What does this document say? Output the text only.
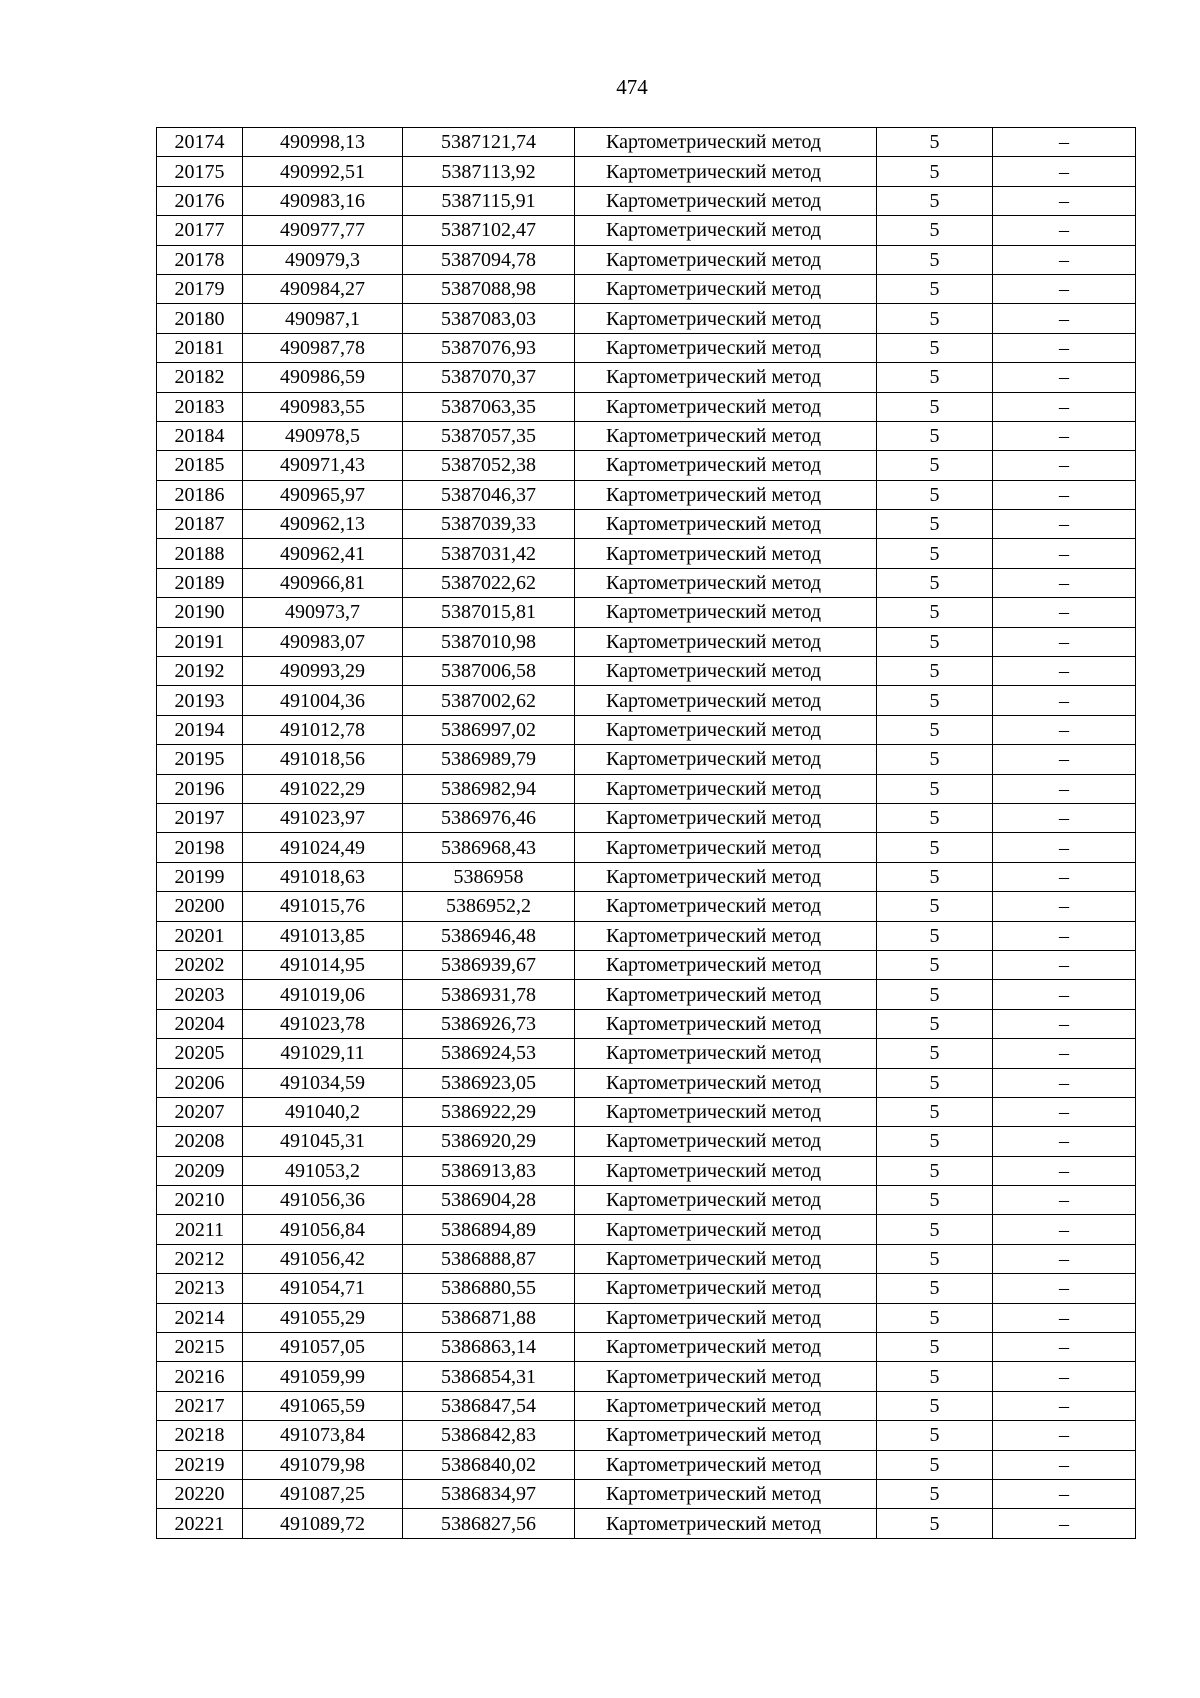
474
20174	490998,13	5387121,74	Картометрический метод	5	–
20175	490992,51	5387113,92	Картометрический метод	5	–
20176	490983,16	5387115,91	Картометрический метод	5	–
20177	490977,77	5387102,47	Картометрический метод	5	–
20178	490979,3	5387094,78	Картометрический метод	5	–
20179	490984,27	5387088,98	Картометрический метод	5	–
20180	490987,1	5387083,03	Картометрический метод	5	–
20181	490987,78	5387076,93	Картометрический метод	5	–
20182	490986,59	5387070,37	Картометрический метод	5	–
20183	490983,55	5387063,35	Картометрический метод	5	–
20184	490978,5	5387057,35	Картометрический метод	5	–
20185	490971,43	5387052,38	Картометрический метод	5	–
20186	490965,97	5387046,37	Картометрический метод	5	–
20187	490962,13	5387039,33	Картометрический метод	5	–
20188	490962,41	5387031,42	Картометрический метод	5	–
20189	490966,81	5387022,62	Картометрический метод	5	–
20190	490973,7	5387015,81	Картометрический метод	5	–
20191	490983,07	5387010,98	Картометрический метод	5	–
20192	490993,29	5387006,58	Картометрический метод	5	–
20193	491004,36	5387002,62	Картометрический метод	5	–
20194	491012,78	5386997,02	Картометрический метод	5	–
20195	491018,56	5386989,79	Картометрический метод	5	–
20196	491022,29	5386982,94	Картометрический метод	5	–
20197	491023,97	5386976,46	Картометрический метод	5	–
20198	491024,49	5386968,43	Картометрический метод	5	–
20199	491018,63	5386958	Картометрический метод	5	–
20200	491015,76	5386952,2	Картометрический метод	5	–
20201	491013,85	5386946,48	Картометрический метод	5	–
20202	491014,95	5386939,67	Картометрический метод	5	–
20203	491019,06	5386931,78	Картометрический метод	5	–
20204	491023,78	5386926,73	Картометрический метод	5	–
20205	491029,11	5386924,53	Картометрический метод	5	–
20206	491034,59	5386923,05	Картометрический метод	5	–
20207	491040,2	5386922,29	Картометрический метод	5	–
20208	491045,31	5386920,29	Картометрический метод	5	–
20209	491053,2	5386913,83	Картометрический метод	5	–
20210	491056,36	5386904,28	Картометрический метод	5	–
20211	491056,84	5386894,89	Картометрический метод	5	–
20212	491056,42	5386888,87	Картометрический метод	5	–
20213	491054,71	5386880,55	Картометрический метод	5	–
20214	491055,29	5386871,88	Картометрический метод	5	–
20215	491057,05	5386863,14	Картометрический метод	5	–
20216	491059,99	5386854,31	Картометрический метод	5	–
20217	491065,59	5386847,54	Картометрический метод	5	–
20218	491073,84	5386842,83	Картометрический метод	5	–
20219	491079,98	5386840,02	Картометрический метод	5	–
20220	491087,25	5386834,97	Картометрический метод	5	–
20221	491089,72	5386827,56	Картометрический метод	5	–
